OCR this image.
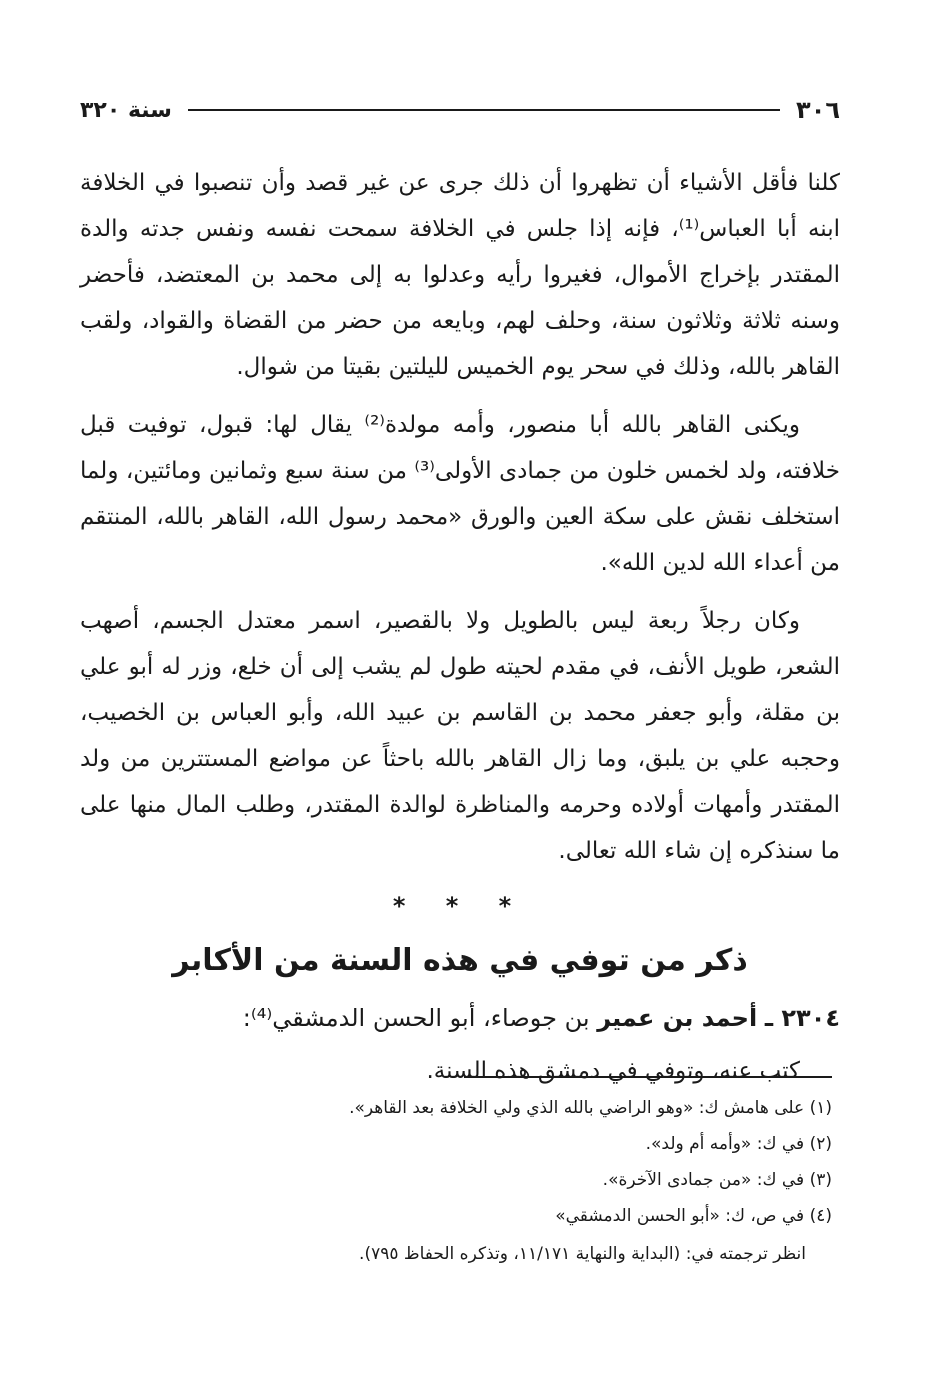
٣٠٦
سنة ٣٢٠

كلنا فأقل الأشياء أن تظهروا أن ذلك جرى عن غير قصد وأن تنصبوا في الخلافة ابنه أبا العباس⁽¹⁾، فإنه إذا جلس في الخلافة سمحت نفسه ونفس جدته والدة المقتدر بإخراج الأموال، فغيروا رأيه وعدلوا به إلى محمد بن المعتضد، فأحضر وسنه ثلاثة وثلاثون سنة، وحلف لهم، وبايعه من حضر من القضاة والقواد، ولقب القاهر بالله، وذلك في سحر يوم الخميس لليلتين بقيتا من شوال.

ويكنى القاهر بالله أبا منصور، وأمه مولدة⁽²⁾ يقال لها: قبول، توفيت قبل خلافته، ولد لخمس خلون من جمادى الأولى⁽³⁾ من سنة سبع وثمانين ومائتين، ولما استخلف نقش على سكة العين والورق «محمد رسول الله، القاهر بالله، المنتقم من أعداء الله لدين الله».

وكان رجلاً ربعة ليس بالطويل ولا بالقصير، اسمر معتدل الجسم، أصهب الشعر، طويل الأنف، في مقدم لحيته طول لم يشب إلى أن خلع، وزر له أبو علي بن مقلة، وأبو جعفر محمد بن القاسم بن عبيد الله، وأبو العباس بن الخصيب، وحجبه علي بن يلبق، وما زال القاهر بالله باحثاً عن مواضع المستترين من ولد المقتدر وأمهات أولاده وحرمه والمناظرة لوالدة المقتدر، وطلب المال منها على ما سنذكره إن شاء الله تعالى.

* * *
ذكر من توفي في هذه السنة من الأكابر

٢٣٠٤ ـ أحمد بن عمير بن جوصاء، أبو الحسن الدمشقي⁽⁴⁾:

كتب عنه، وتوفي في دمشق هذه السنة.

(١) على هامش ك: «وهو الراضي بالله الذي ولي الخلافة بعد القاهر».

(٢) في ك: «وأمه أم ولد».

(٣) في ك: «من جمادى الآخرة».

(٤) في ص، ك: «أبو الحسن الدمشقي»

انظر ترجمته في: (البداية والنهاية ١١/١٧١، وتذكره الحفاظ ٧٩٥).
